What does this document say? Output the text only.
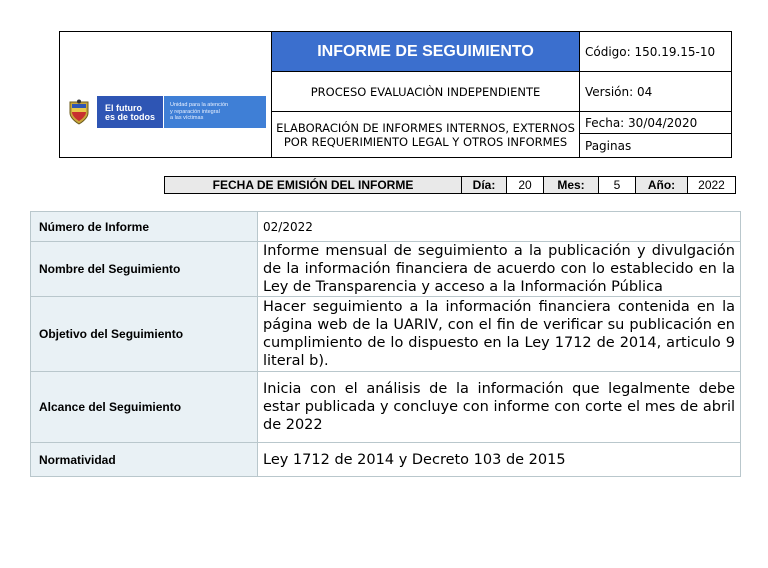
El futuro
es de todos
Unidad para la atención
y reparación integral
a las víctimas	INFORME DE SEGUIMIENTO	Código: 150.19.15-10
	PROCESO EVALUACIÒN INDEPENDIENTE	Versión: 04
	ELABORACIÓN DE INFORMES INTERNOS, EXTERNOS POR REQUERIMIENTO LEGAL Y OTROS INFORMES	Fecha: 30/04/2020
		Paginas
FECHA DE EMISIÓN DEL INFORME	Día:	20	Mes:	5	Año:	2022
Número de Informe	02/2022
Nombre del Seguimiento	Informe mensual de seguimiento a la publicación y divulgación de la información financiera de acuerdo con lo establecido en la Ley de Transparencia y acceso a la Información Pública
Objetivo del Seguimiento	Hacer seguimiento a la información financiera contenida en la página web de la UARIV, con el fin de verificar su publicación en cumplimiento de lo dispuesto en la Ley 1712 de 2014, articulo 9 literal b).
Alcance del Seguimiento	Inicia con el análisis de la información que legalmente debe estar publicada y concluye con informe con corte el mes de abril de 2022
Normatividad	Ley 1712 de 2014 y Decreto 103 de 2015
